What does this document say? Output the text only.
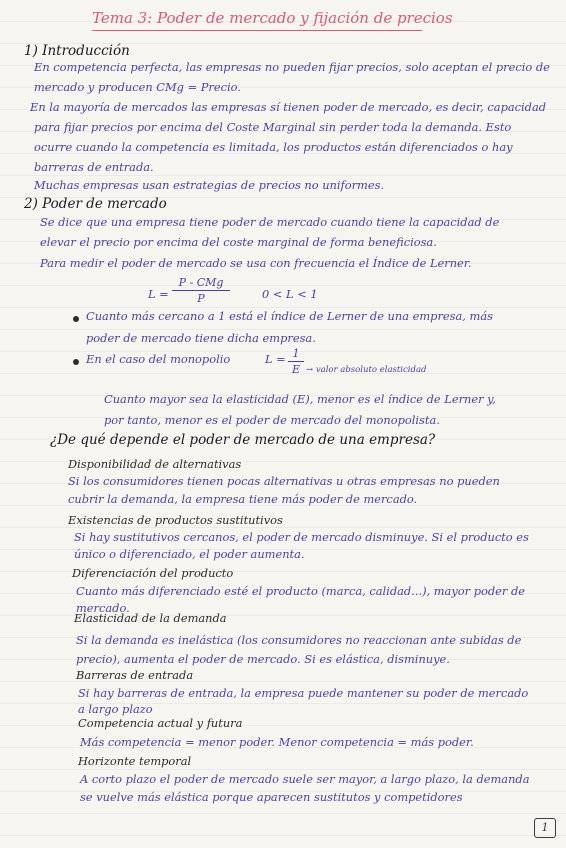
Tema 3: Poder de mercado y fijación de precios
1) Introducción
En competencia perfecta, las empresas no pueden fijar precios, solo aceptan el precio de
mercado y producen CMg = Precio.
En la mayoría de mercados las empresas sí tienen poder de mercado, es decir, capacidad
para fijar precios por encima del Coste Marginal sin perder toda la demanda. Esto
ocurre cuando la competencia es limitada, los productos están diferenciados o hay
barreras de entrada.
Muchas empresas usan estrategias de precios no uniformes.
2) Poder de mercado
Se dice que una empresa tiene poder de mercado cuando tiene la capacidad de
elevar el precio por encima del coste marginal de forma beneficiosa.
Para medir el poder de mercado se usa con frecuencia el Índice de Lerner.
L =
P - CMg
P	0 < L < 1
Cuanto más cercano a 1 está el índice de Lerner de una empresa, más
poder de mercado tiene dicha empresa.
En el caso del monopolio	L = 1
E → valor absoluto elasticidad
Cuanto mayor sea la elasticidad (E), menor es el índice de Lerner y,
por tanto, menor es el poder de mercado del monopolista.
¿De qué depende el poder de mercado de una empresa?
Disponibilidad de alternativas
Si los consumidores tienen pocas alternativas u otras empresas no pueden
cubrir la demanda, la empresa tiene más poder de mercado.
Existencias de productos sustitutivos
Si hay sustitutivos cercanos, el poder de mercado disminuye. Si el producto es
único o diferenciado, el poder aumenta.
Diferenciación del producto
Cuanto más diferenciado esté el producto (marca, calidad...), mayor poder de
mercado.
Elasticidad de la demanda
Si la demanda es inelástica (los consumidores no reaccionan ante subidas de
precio), aumenta el poder de mercado. Si es elástica, disminuye.
Barreras de entrada
Si hay barreras de entrada, la empresa puede mantener su poder de mercado
a largo plazo
Competencia actual y futura
Más competencia = menor poder. Menor competencia = más poder.
Horizonte temporal
A corto plazo el poder de mercado suele ser mayor, a largo plazo, la demanda
se vuelve más elástica porque aparecen sustitutos y competidores
1
